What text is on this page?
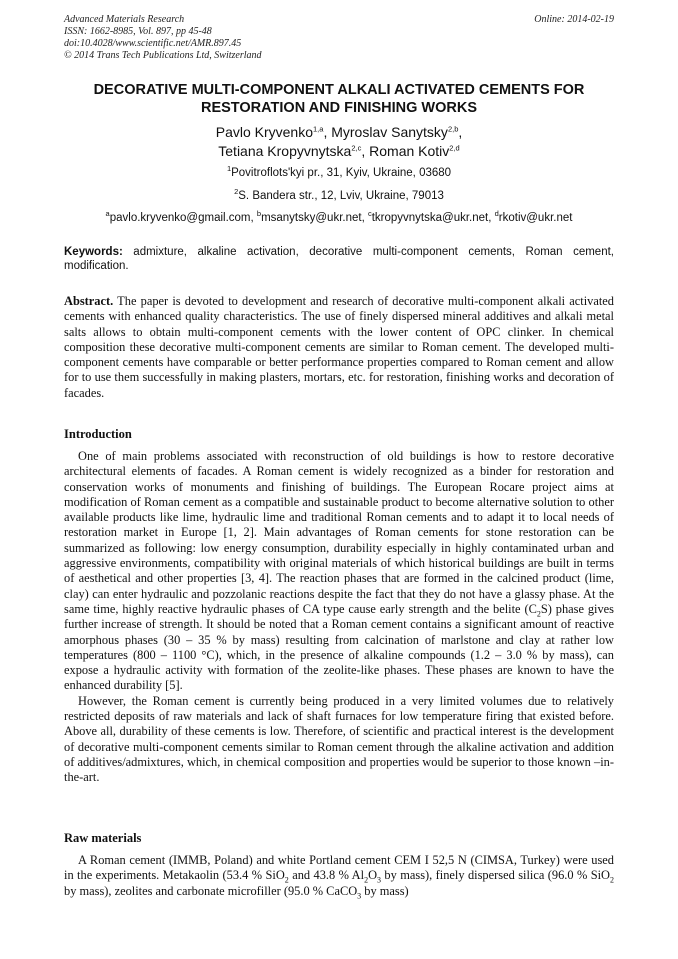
Advanced Materials Research
ISSN: 1662-8985, Vol. 897, pp 45-48
doi:10.4028/www.scientific.net/AMR.897.45
© 2014 Trans Tech Publications Ltd, Switzerland
Online: 2014-02-19
DECORATIVE MULTI-COMPONENT ALKALI ACTIVATED CEMENTS FOR
RESTORATION AND FINISHING WORKS
Pavlo Kryvenko$^{1,a}$, Myroslav Sanytsky$^{2,b}$,
Tetiana Kropyvnytska$^{2,c}$, Roman Kotiv$^{2,d}$
$^1$Povitroflots'kyi pr., 31, Kyiv, Ukraine, 03680
$^2$S. Bandera str., 12, Lviv, Ukraine, 79013
$^a$pavlo.kryvenko@gmail.com, $^b$msanytsky@ukr.net, $^c$tkropyvnytska@ukr.net, $^d$rkotiv@ukr.net
Keywords: admixture, alkaline activation, decorative multi-component cements, Roman cement, modification.

Abstract. The paper is devoted to development and research of decorative multi-component alkali activated cements with enhanced quality characteristics. The use of finely dispersed mineral additives and alkali metal salts allows to obtain multi-component cements with the lower content of OPC clinker. In chemical composition these decorative multi-component cements are similar to Roman cement. The developed multi-component cements have comparable or better performance properties compared to Roman cement and allow for to use them successfully in making plasters, mortars, etc. for restoration, finishing works and decoration of facades.

Introduction

One of main problems associated with reconstruction of old buildings is how to restore decorative architectural elements of facades. A Roman cement is widely recognized as a binder for restoration and conservation works of monuments and finishing of buildings. The European Rocare project aims at modification of Roman cement as a compatible and sustainable product to become alternative solution to other available products like lime, hydraulic lime and traditional Roman cements and to adapt it to local needs of restoration market in Europe [1, 2]. Main advantages of Roman cements for stone restoration can be summarized as following: low energy consumption, durability especially in highly contaminated urban and aggressive environments, compatibility with original materials of which historical buildings are built in terms of aesthetical and other properties [3, 4]. The reaction phases that are formed in the calcined product (lime, clay) can enter hydraulic and pozzolanic reactions despite the fact that they do not have a glassy phase. At the same time, highly reactive hydraulic phases of CA type cause early strength and the belite $(C_2S)$ phase gives further increase of strength. It should be noted that a Roman cement contains a significant amount of reactive amorphous phases (30 – 35 % by mass) resulting from calcination of marlstone and clay at rather low temperatures (800 – 1100 °C), which, in the presence of alkaline compounds (1.2 – 3.0 % by mass), can expose a hydraulic activity with formation of the zeolite-like phases. These phases are known to have the enhanced durability [5].

However, the Roman cement is currently being produced in a very limited volumes due to relatively restricted deposits of raw materials and lack of shaft furnaces for low temperature firing that existed before. Above all, durability of these cements is low. Therefore, of scientific and practical interest is the development of decorative multi-component cements similar to Roman cement through the alkaline activation and addition of additives/admixtures, which, in chemical composition and properties would be superior to those known –in-the-art.

Raw materials

A Roman cement (IMMB, Poland) and white Portland cement CEM I 52,5 N (CIMSA, Turkey) were used in the experiments. Metakaolin (53.4 % SiO$_2$ and 43.8 % $Al_2O_3$ by mass), finely dispersed silica (96.0 % SiO$_2$ by mass), zeolites and carbonate microfiller (95.0 % CaCO$_3$ by mass)
